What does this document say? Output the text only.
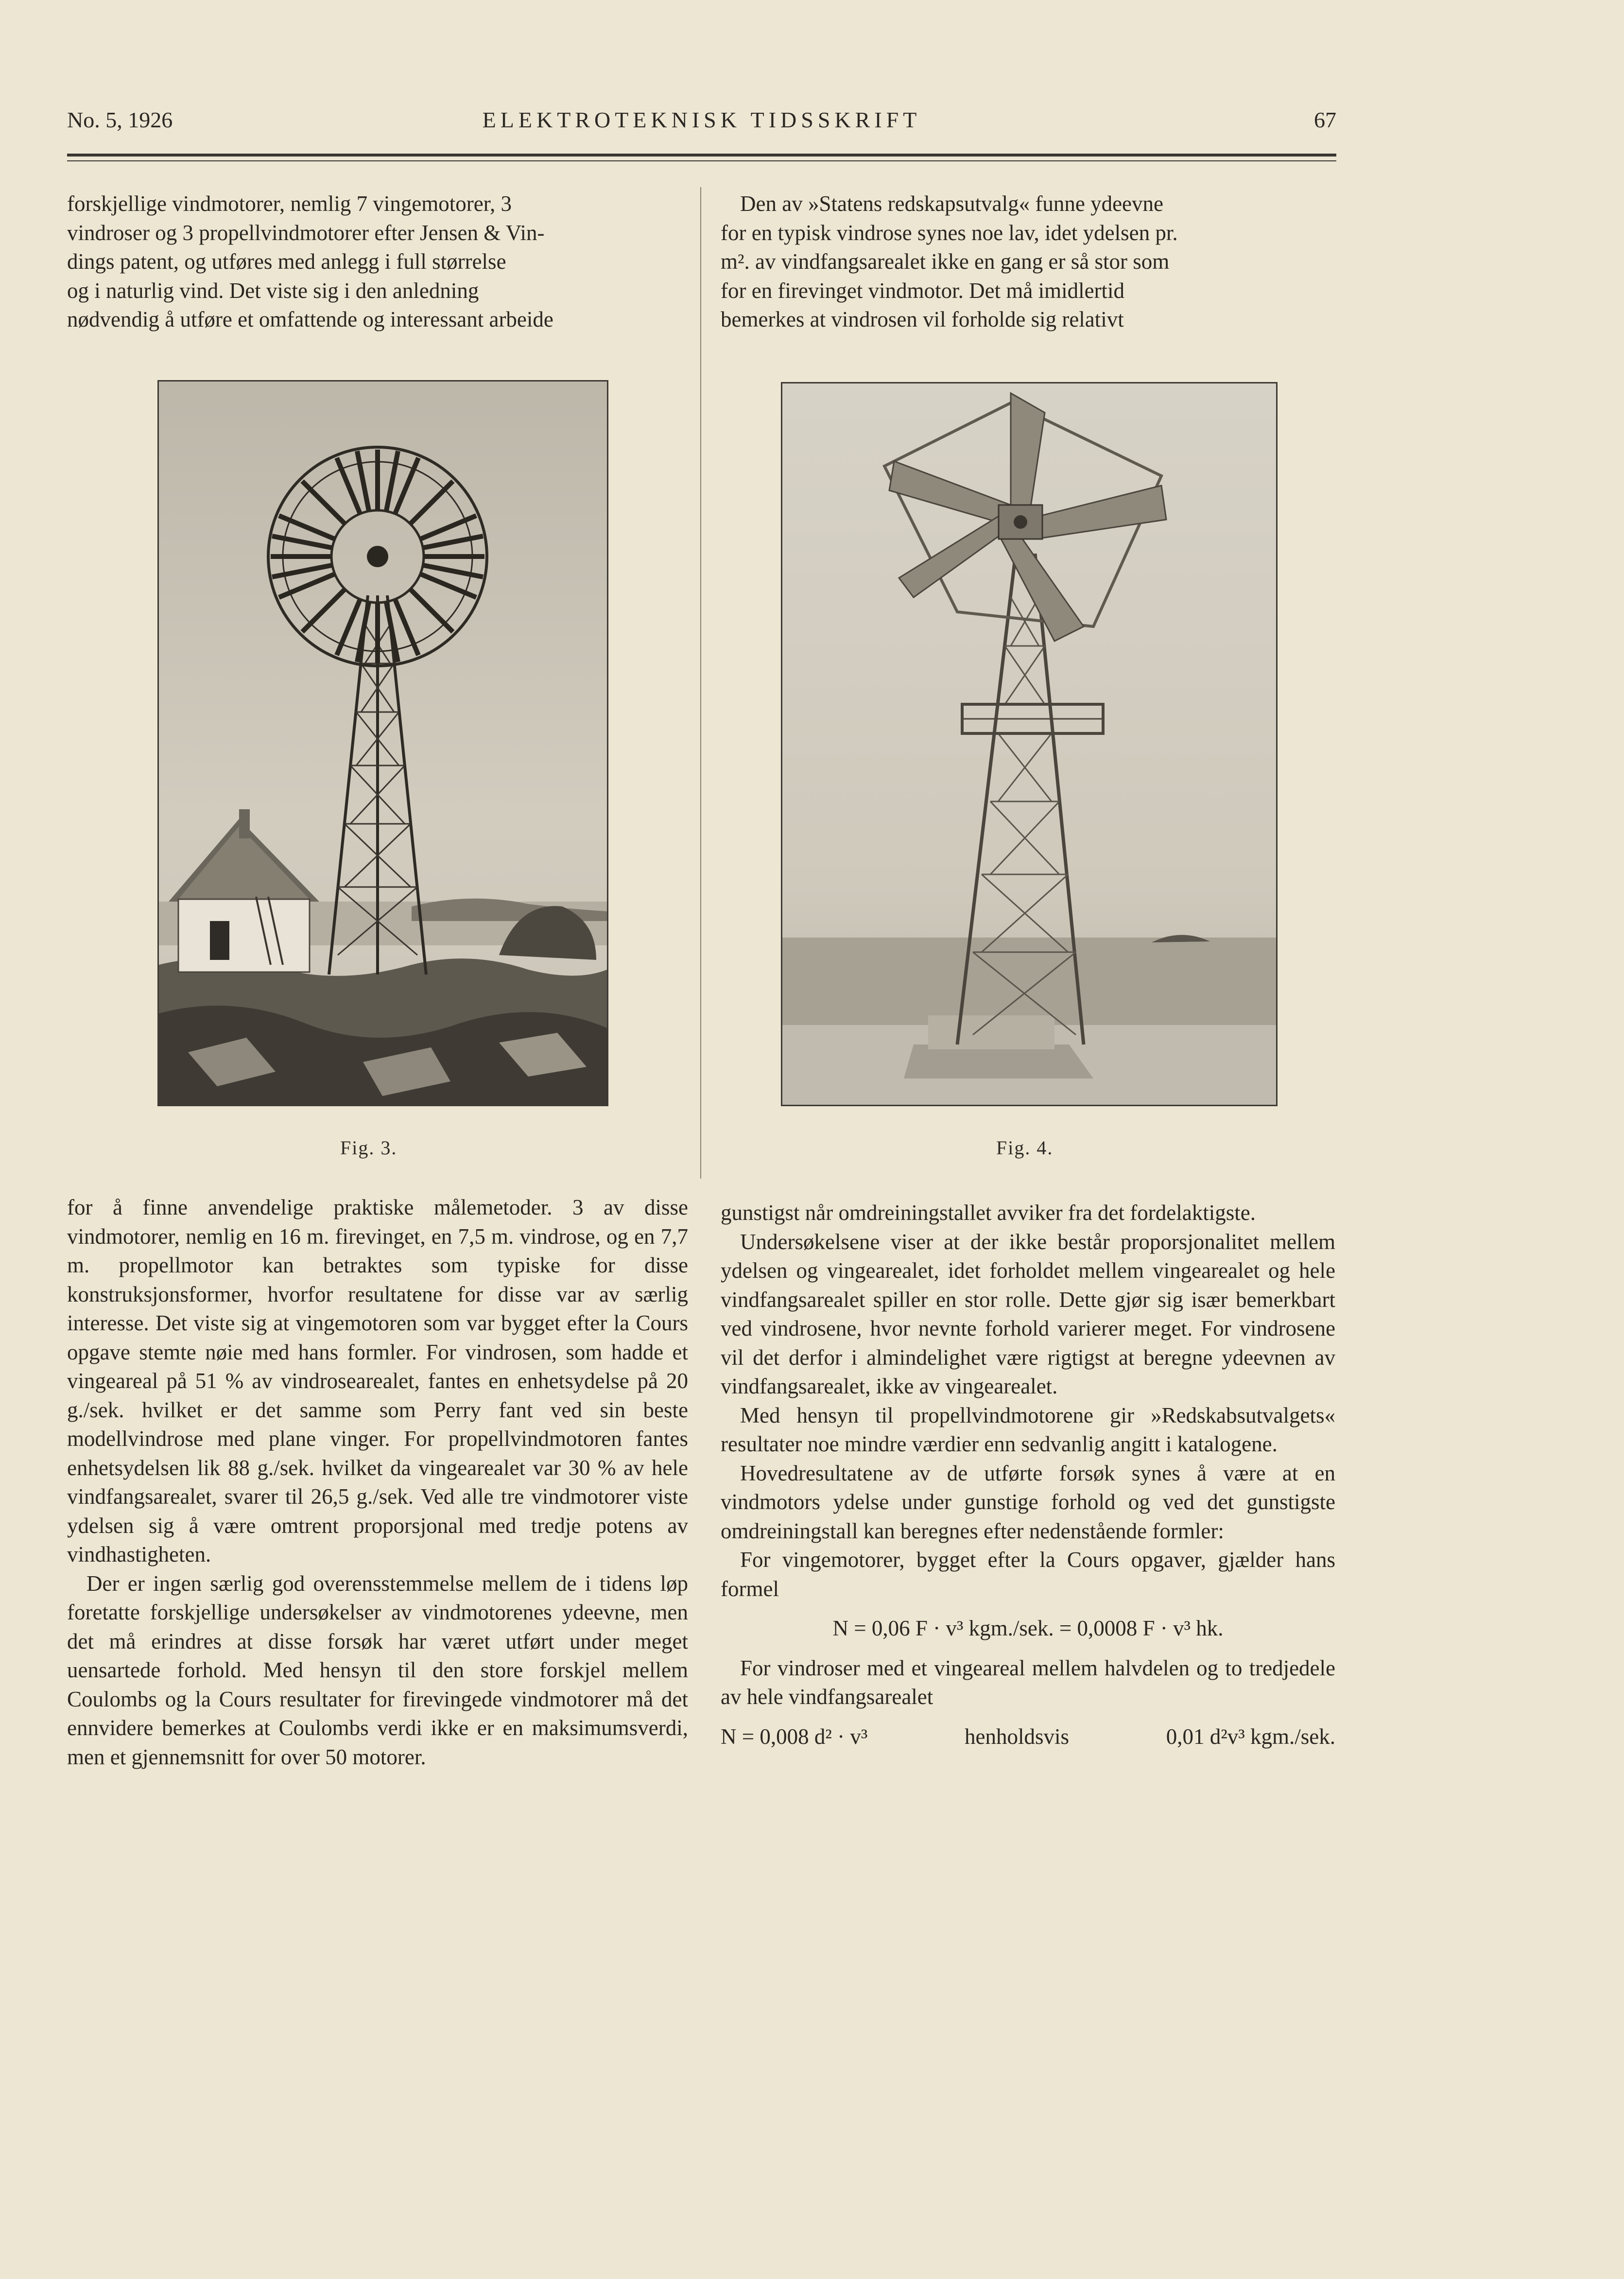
No. 5, 1926	ELEKTROTEKNISK TIDSSKRIFT	67

forskjellige vindmotorer, nemlig 7 vingemotorer, 3

vindroser og 3 propellvindmotorer efter Jensen & Vin-

dings patent, og utføres med anlegg i full størrelse

og i naturlig vind. Det viste sig i den anledning

nødvendig å utføre et omfattende og interessant arbeide

Den av »Statens redskapsutvalg« funne ydeevne

for en typisk vindrose synes noe lav, idet ydelsen pr.

m². av vindfangsarealet ikke en gang er så stor som

for en firevinget vindmotor. Det må imidlertid

bemerkes at vindrosen vil forholde sig relativt

Fig. 3.	Fig. 4.

for å finne anvendelige praktiske målemetoder. 3 av disse vindmotorer, nemlig en 16 m. firevinget, en 7,5 m. vindrose, og en 7,7 m. propellmotor kan betraktes som typiske for disse konstruksjonsformer, hvorfor resultatene for disse var av særlig interesse. Det viste sig at vingemotoren som var bygget efter la Cours opgave stemte nøie med hans formler. For vindrosen, som hadde et vingeareal på 51 % av vindrosearealet, fantes en enhetsydelse på 20 g./sek. hvilket er det samme som Perry fant ved sin beste modellvindrose med plane vinger. For propellvindmotoren fantes enhetsydelsen lik 88 g./sek. hvilket da vingearealet var 30 % av hele vindfangsarealet, svarer til 26,5 g./sek. Ved alle tre vindmotorer viste ydelsen sig å være omtrent proporsjonal med tredje potens av vindhastigheten.

Der er ingen særlig god overensstemmelse mellem de i tidens løp foretatte forskjellige undersøkelser av vindmotorenes ydeevne, men det må erindres at disse forsøk har været utført under meget uensartede forhold. Med hensyn til den store forskjel mellem Coulombs og la Cours resultater for firevingede vindmotorer må det ennvidere bemerkes at Coulombs verdi ikke er en maksimumsverdi, men et gjennemsnitt for over 50 motorer.

gunstigst når omdreiningstallet avviker fra det fordelaktigste.

Undersøkelsene viser at der ikke består proporsjonalitet mellem ydelsen og vingearealet, idet forholdet mellem vingearealet og hele vindfangsarealet spiller en stor rolle. Dette gjør sig især bemerkbart ved vindrosene, hvor nevnte forhold varierer meget. For vindrosene vil det derfor i almindelighet være rigtigst at beregne ydeevnen av vindfangsarealet, ikke av vingearealet.

Med hensyn til propellvindmotorene gir »Redskabsutvalgets« resultater noe mindre værdier enn sedvanlig angitt i katalogene.

Hovedresultatene av de utførte forsøk synes å være at en vindmotors ydelse under gunstige forhold og ved det gunstigste omdreiningstall kan beregnes efter nedenstående formler:

For vingemotorer, bygget efter la Cours opgaver, gjælder hans formel

N = 0,06 F · v³ kgm./sek. = 0,0008 F · v³ hk.

For vindroser med et vingeareal mellem halvdelen og to tredjedele av hele vindfangsarealet

N = 0,008 d² · v³	henholdsvis	0,01 d²v³ kgm./sek.
